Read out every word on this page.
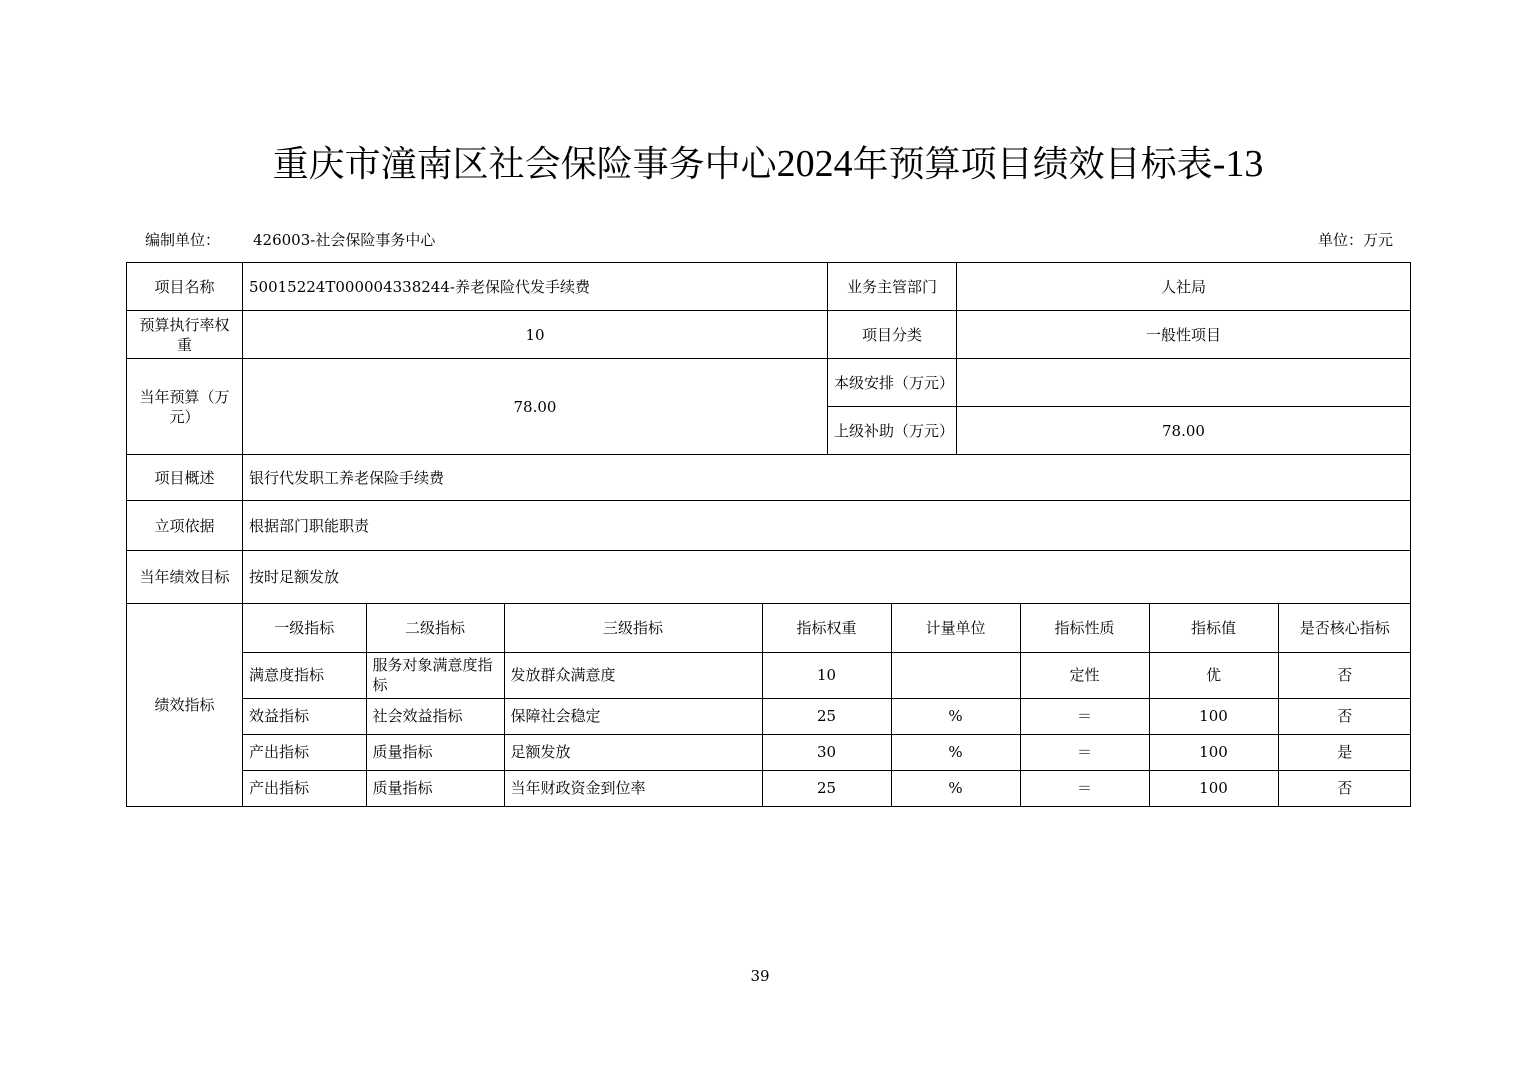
重庆市潼南区社会保险事务中心2024年预算项目绩效目标表-13
编制单位： 426003-社会保险事务中心	单位：万元
项目名称	50015224T000004338244-养老保险代发手续费	业务主管部门	人社局
预算执行率权重	10	项目分类	一般性项目
当年预算（万元）	78.00	本级安排（万元）	
上级补助（万元）	78.00
项目概述	银行代发职工养老保险手续费
立项依据	根据部门职能职责
当年绩效目标	按时足额发放
绩效指标	
一级指标	二级指标	三级指标	指标权重	计量单位	指标性质	指标值	是否核心指标
满意度指标	服务对象满意度指标	发放群众满意度	10		定性	优	否
效益指标	社会效益指标	保障社会稳定	25	%	＝	100	否
产出指标	质量指标	足额发放	30	%	＝	100	是
产出指标	质量指标	当年财政资金到位率	25	%	＝	100	否
39
